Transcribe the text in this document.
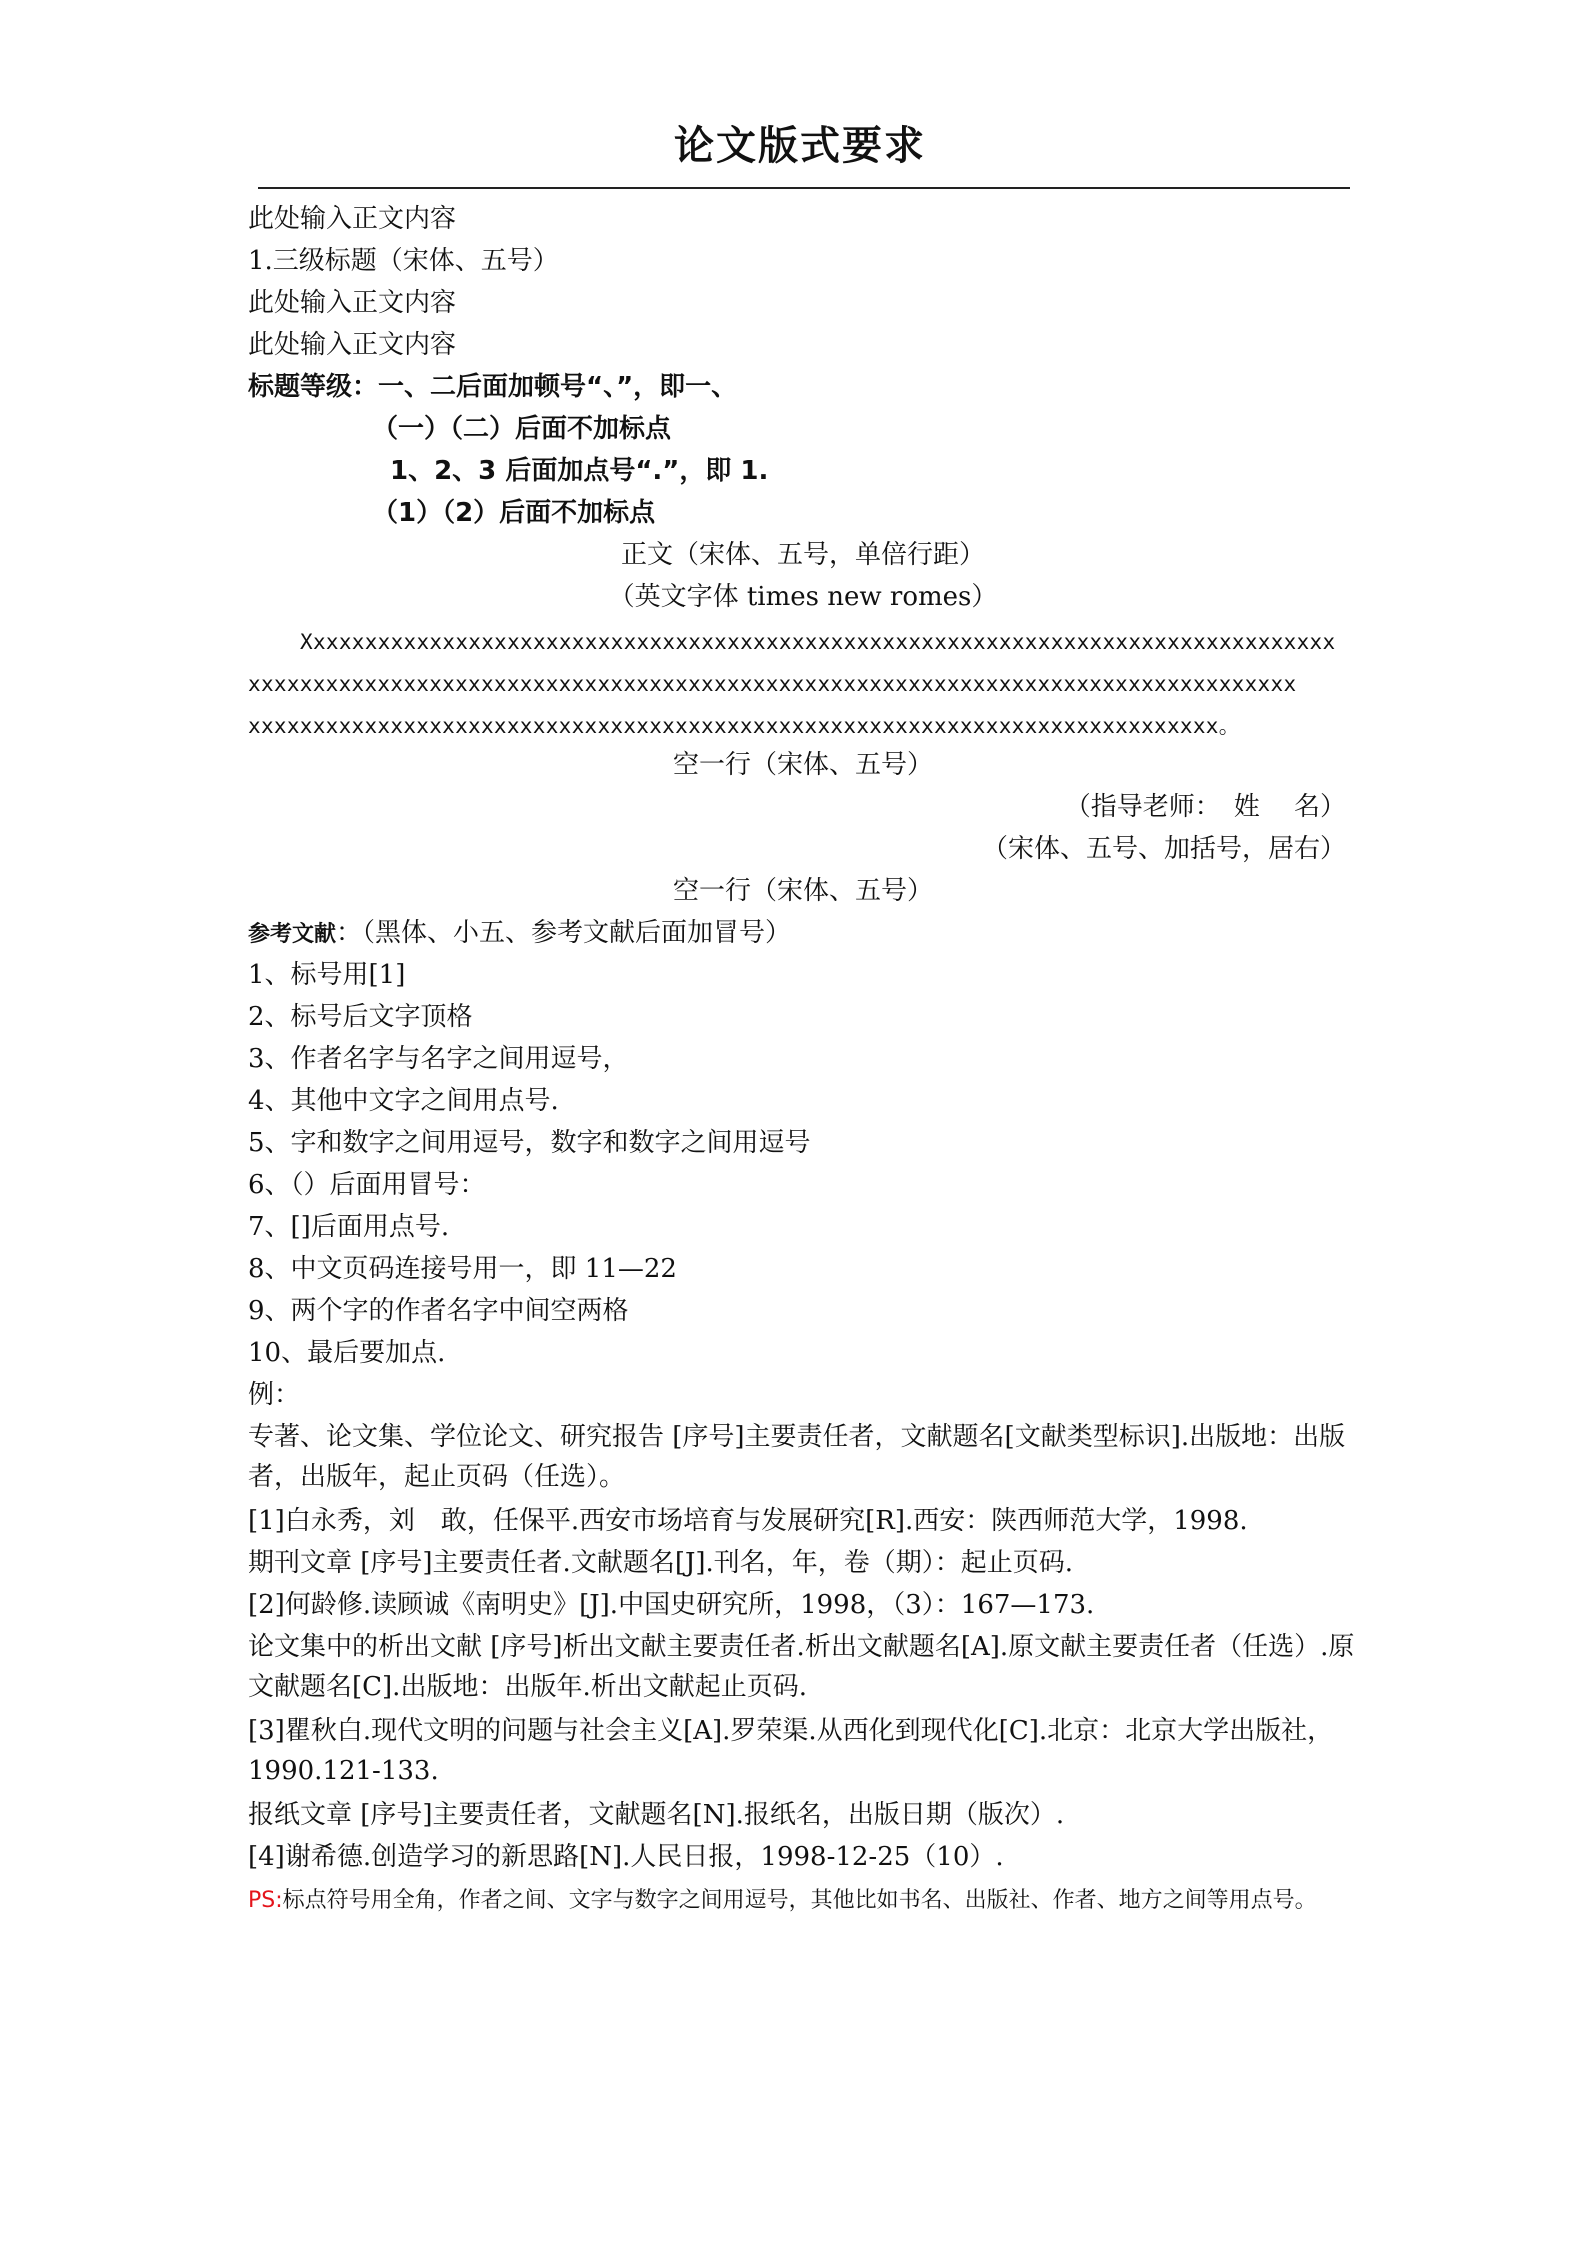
论文版式要求
此处输入正文内容
1.三级标题（宋体、五号）
此处输入正文内容
此处输入正文内容
标题等级：一、二后面加顿号“、”，即一、
（一）（二）后面不加标点
1、2、3 后面加点号“.”，即 1.
（1）（2）后面不加标点
正文（宋体、五号，单倍行距）
（英文字体 times new romes）
Xxxxxxxxxxxxxxxxxxxxxxxxxxxxxxxxxxxxxxxxxxxxxxxxxxxxxxxxxxxxxxxxxxxxxxxxxxxxxxxx
xxxxxxxxxxxxxxxxxxxxxxxxxxxxxxxxxxxxxxxxxxxxxxxxxxxxxxxxxxxxxxxxxxxxxxxxxxxxxxxxx
xxxxxxxxxxxxxxxxxxxxxxxxxxxxxxxxxxxxxxxxxxxxxxxxxxxxxxxxxxxxxxxxxxxxxxxxxxx。
空一行（宋体、五号）
（指导老师：　姓　 名）
（宋体、五号、加括号，居右）
空一行（宋体、五号）
参考文献：（黑体、小五、参考文献后面加冒号）
1、标号用[1]
2、标号后文字顶格
3、作者名字与名字之间用逗号，
4、其他中文字之间用点号.
5、字和数字之间用逗号，数字和数字之间用逗号
6、（）后面用冒号：
7、[]后面用点号.
8、中文页码连接号用一，即 11—22
9、两个字的作者名字中间空两格
10、最后要加点.
例：
专著、论文集、学位论文、研究报告 [序号]主要责任者，文献题名[文献类型标识].出版地：出版者，出版年，起止页码（任选）。
[1]白永秀，刘　敢，任保平.西安市场培育与发展研究[R].西安：陕西师范大学，1998.
期刊文章 [序号]主要责任者.文献题名[J].刊名，年，卷（期）：起止页码.
[2]何龄修.读顾诚《南明史》[J].中国史研究所，1998，（3）：167—173.
论文集中的析出文献 [序号]析出文献主要责任者.析出文献题名[A].原文献主要责任者（任选）.原文献题名[C].出版地：出版年.析出文献起止页码.
[3]瞿秋白.现代文明的问题与社会主义[A].罗荣渠.从西化到现代化[C].北京：北京大学出版社，1990.121-133.
报纸文章 [序号]主要责任者，文献题名[N].报纸名，出版日期（版次）.
[4]谢希德.创造学习的新思路[N].人民日报，1998-12-25（10）.
PS:标点符号用全角，作者之间、文字与数字之间用逗号，其他比如书名、出版社、作者、地方之间等用点号。
